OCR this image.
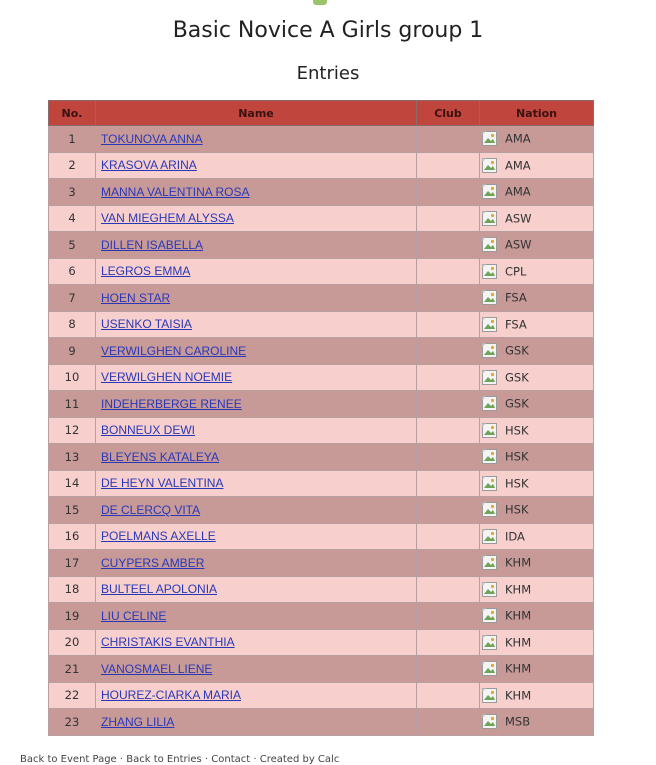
Basic Novice A Girls group 1
Entries
No.	Name	Club	Nation
1	TOKUNOVA ANNA		AMA
2	KRASOVA ARINA		AMA
3	MANNA VALENTINA ROSA		AMA
4	VAN MIEGHEM ALYSSA		ASW
5	DILLEN ISABELLA		ASW
6	LEGROS EMMA		CPL
7	HOEN STAR		FSA
8	USENKO TAISIA		FSA
9	VERWILGHEN CAROLINE		GSK
10	VERWILGHEN NOEMIE		GSK
11	INDEHERBERGE RENEE		GSK
12	BONNEUX DEWI		HSK
13	BLEYENS KATALEYA		HSK
14	DE HEYN VALENTINA		HSK
15	DE CLERCQ VITA		HSK
16	POELMANS AXELLE		IDA
17	CUYPERS AMBER		KHM
18	BULTEEL APOLONIA		KHM
19	LIU CELINE		KHM
20	CHRISTAKIS EVANTHIA		KHM
21	VANOSMAEL LIENE		KHM
22	HOUREZ-CIARKA MARIA		KHM
23	ZHANG LILIA		MSB
Back to Event Page · Back to Entries · Contact · Created by Calc
